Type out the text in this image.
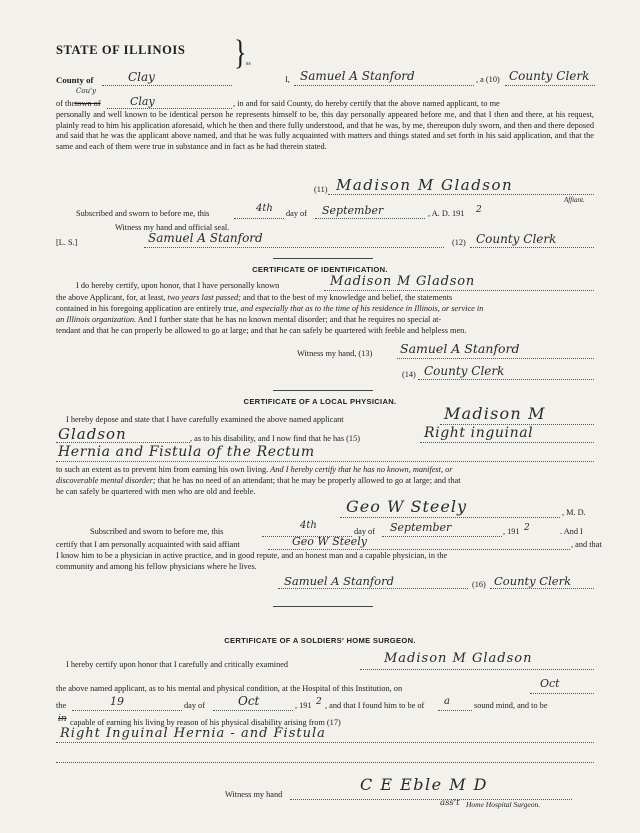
STATE OF ILLINOIS } ss
County of	Clay	I, Samuel A Stanford	, a (10) County Clerk
Cou'y
of the town of	Clay	, in and for said County, do hereby certify that the above named applicant, to me
personally and well known to be identical person he represents himself to be, this day personally appeared before me, and that I then and there, at his request, plainly read to him his application aforesaid, which he then and there fully understood, and that he was, by me, thereupon duly sworn, and then and there deposed and said that he was the applicant above named, and that he was fully acquainted with matters and things stated and set forth in his said application, and that the same and each of them were true in substance and in fact as he had therein stated.
(11) Madison M Gladson
Affiant.
Subscribed and sworn to before me, this	4th day of September	, A. D. 191 2
Witness my hand and official seal.
[L. S.]	Samuel A Stanford	(12) County Clerk
CERTIFICATE OF IDENTIFICATION.
I do hereby certify, upon honor, that I have personally known	Madison M Gladson
the above Applicant, for, at least, two years last passed; and that to the best of my knowledge and belief, the statements
contained in his foregoing application are entirely true, and especially that as to the time of his residence in Illinois, or service in
an Illinois organization. And I further state that he has no known mental disorder; and that he requires no special at-
tendant and that he can properly be allowed to go at large; and that he can safely be quartered with feeble and helpless men.
Witness my hand, (13) Samuel A Stanford
(14) County Clerk
CERTIFICATE OF A LOCAL PHYSICIAN.
I hereby depose and state that I have carefully examined the above named applicant	Madison M
Gladson	, as to his disability, and I now find that he has (15)	Right inguinal
Hernia and Fistula of the Rectum
to such an extent as to prevent him from earning his own living. And I hereby certify that he has no known, manifest, or
discoverable mental disorder; that he has no need of an attendant; that he may be properly allowed to go at large; and that
he can safely be quartered with men who are old and feeble.
Geo W Steely	, M. D.
Subscribed and sworn to before me, this
4th
day of September	, 191 2	. And I
certify that I am personally acquainted with said affiant	Geo W Steely	, and that
I know him to be a physician in active practice, and in good repute, and an honest man and a capable physician, in the
community and among his fellow physicians where he lives.
Samuel A Stanford	(16) County Clerk
CERTIFICATE OF A SOLDIERS' HOME SURGEON.
I hereby certify upon honor that I carefully and critically examined	Madison M Gladson
the above named applicant, as to his mental and physical condition, at the Hospital of this Institution, on	Oct
the	19	day of	Oct	, 191 2 , and that I found him to be of a	sound mind, and to be
in capable of earning his living by reason of his physical disability arising from (17)
Right Inguinal Hernia - and Fistula
Witness my hand
C E Eble M D
ass't Home Hospital Surgeon.
